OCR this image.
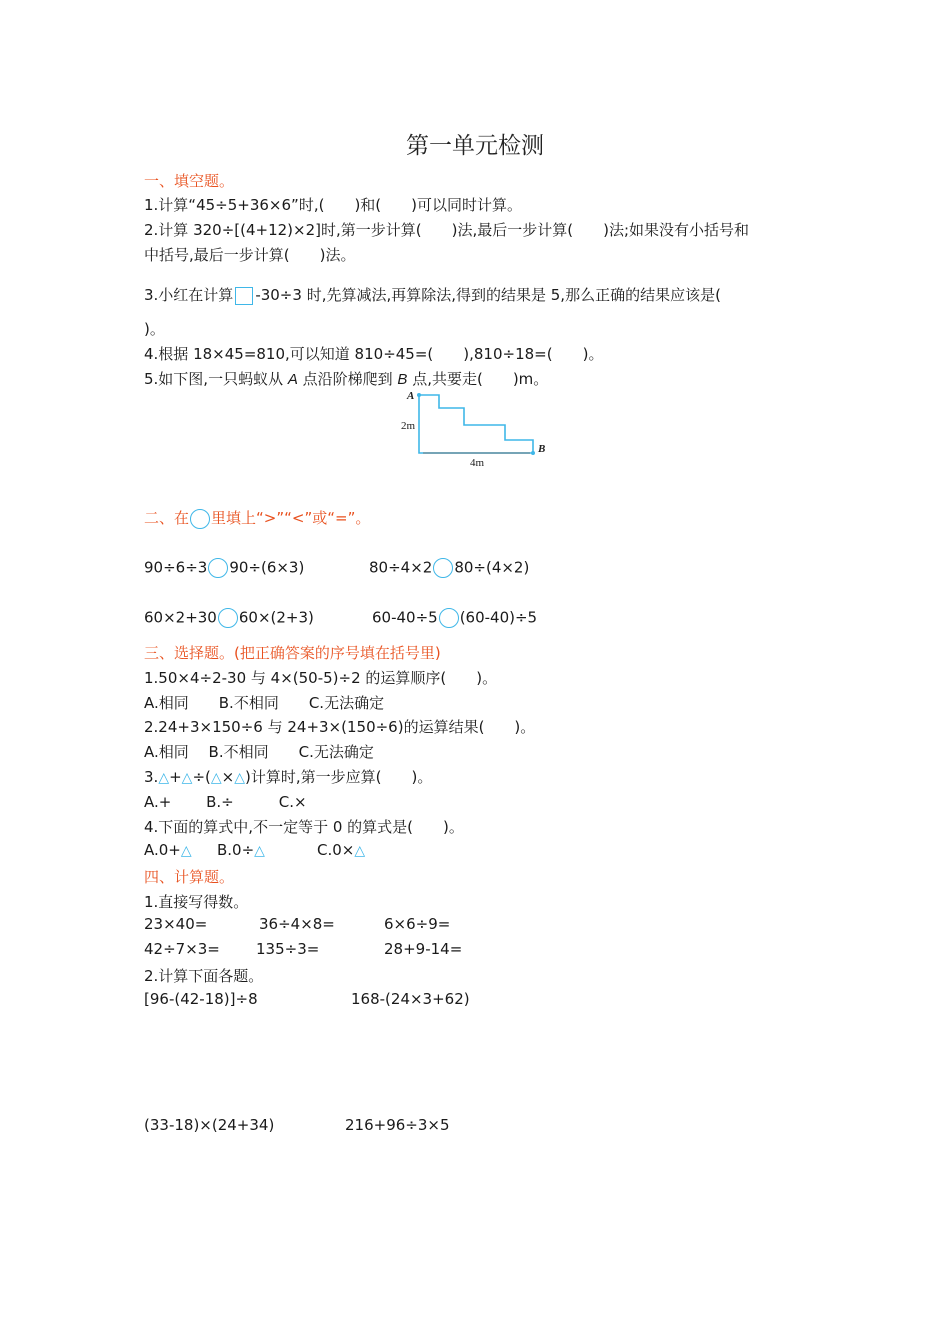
第一单元检测
一、填空题。
1.计算“45÷5+36×6”时,(　　)和(　　)可以同时计算。
2.计算 320÷[(4+12)×2]时,第一步计算(　　)法,最后一步计算(　　)法;如果没有小括号和
中括号,最后一步计算(　　)法。
3.小红在计算 -30÷3 时,先算减法,再算除法,得到的结果是 5,那么正确的结果应该是(
)。
4.根据 18×45=810,可以知道 810÷45=(　　),810÷18=(　　)。
5.如下图,一只蚂蚁从 A 点沿阶梯爬到 B 点,共要走(　　)m。
A
B
2m
4m
二、在 里填上“>”“<”或“=”。
90÷6÷3 90÷(6×3)	80÷4×2 80÷(4×2)
60×2+30 60×(2+3)	60-40÷5 (60-40)÷5
三、选择题。(把正确答案的序号填在括号里)
1.50×4÷2-30 与 4×(50-5)÷2 的运算顺序(　　)。
A.相同　　B.不相同　　C.无法确定
2.24+3×150÷6 与 24+3×(150÷6)的运算结果(　　)。
A.相同　 B.不相同　　C.无法确定
3.△+△÷(△×△)计算时,第一步应算(　　)。
A.+　　 B.÷　　　C.×
4.下面的算式中,不一定等于 0 的算式是(　　)。
A.0+△ B.0÷△	C.0×△
四、计算题。
1.直接写得数。
23×40=	36÷4×8=	6×6÷9=
42÷7×3= 135÷3=	28+9-14=
2.计算下面各题。
[96-(42-18)]÷8	168-(24×3+62)
(33-18)×(24+34)	216+96÷3×5
